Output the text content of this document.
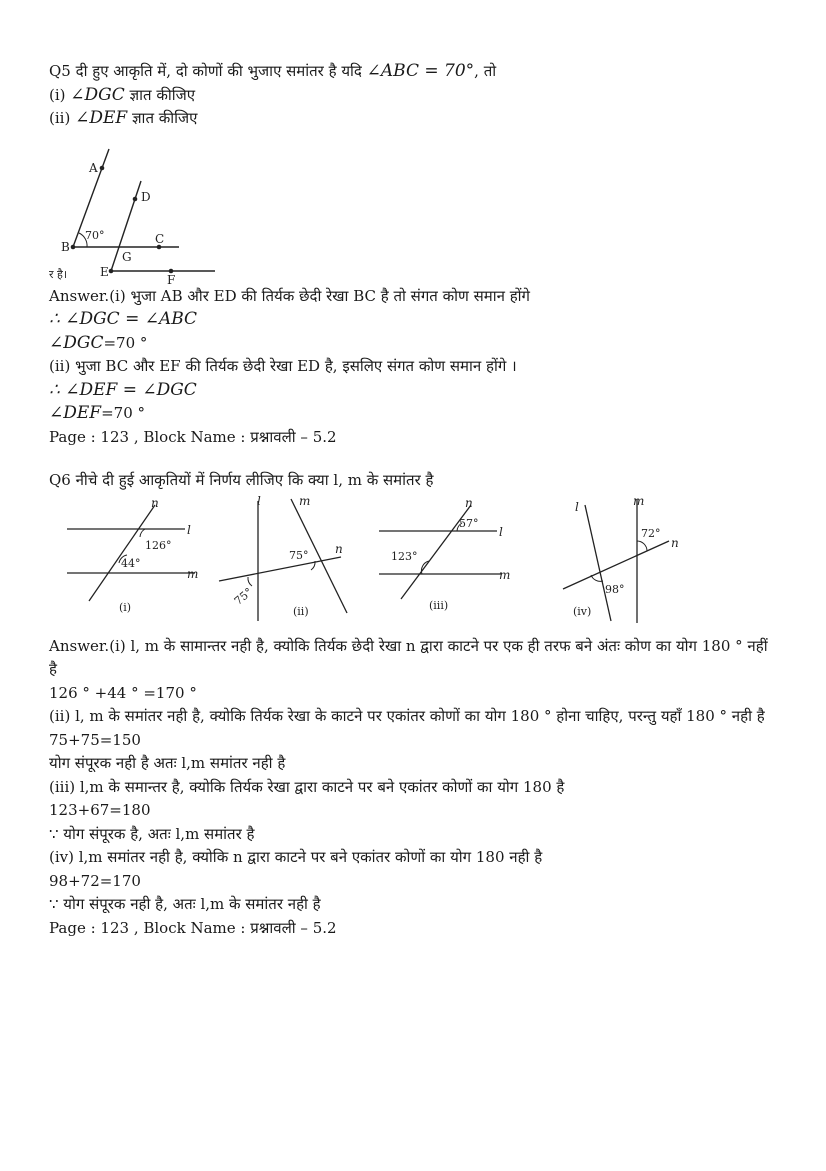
Q5 दी हुए आकृति में, दो कोणों की भुजाए समांतर है यदि ∠ABC = 70°, तो
(i) ∠DGC ज्ञात कीजिए
(ii) ∠DEF ज्ञात कीजिए
A
D
B
C
G
E
F
70°
र है।
Answer.(i) भुजा AB और ED की तिर्यक छेदी रेखा BC है तो संगत कोण समान होंगे
∴ ∠DGC = ∠ABC
∠DGC=70 °
(ii) भुजा BC और EF की तिर्यक छेदी रेखा ED है, इसलिए संगत कोण समान होंगे ।
∴ ∠DEF = ∠DGC
∠DEF=70 °
Page : 123 , Block Name : प्रश्नावली – 5.2
Q6 नीचे दी हुई आकृतियों में निर्णय लीजिए कि क्या l, m के समांतर है
n
l
m
126°
44°
(i)
l	m
n
75°
75°
(ii)
n
l
m
57°
123°
(iii)
l	m
n
72°
98°
(iv)
Answer.(i) l, m के सामान्तर नही है, क्योकि तिर्यक छेदी रेखा n द्वारा काटने पर एक ही तरफ बने अंतः कोण का योग 180 ° नहीं है
126 ° +44 ° =170 °
(ii) l, m के समांतर नही है, क्योकि तिर्यक रेखा के काटने पर एकांतर कोणों का योग 180 ° होना चाहिए, परन्तु यहाँ 180 ° नही है
75+75=150
योग संपूरक नही है अतः l,m समांतर नही है
(iii) l,m के समान्तर है, क्योकि तिर्यक रेखा द्वारा काटने पर बने एकांतर कोणों का योग 180 है
123+67=180
∵ योग संपूरक है, अतः l,m समांतर है
(iv) l,m समांतर नही है, क्योकि n द्वारा काटने पर बने एकांतर कोणों का योग 180 नही है
98+72=170
∵ योग संपूरक नही है, अतः l,m के समांतर नही है
Page : 123 , Block Name : प्रश्नावली – 5.2
